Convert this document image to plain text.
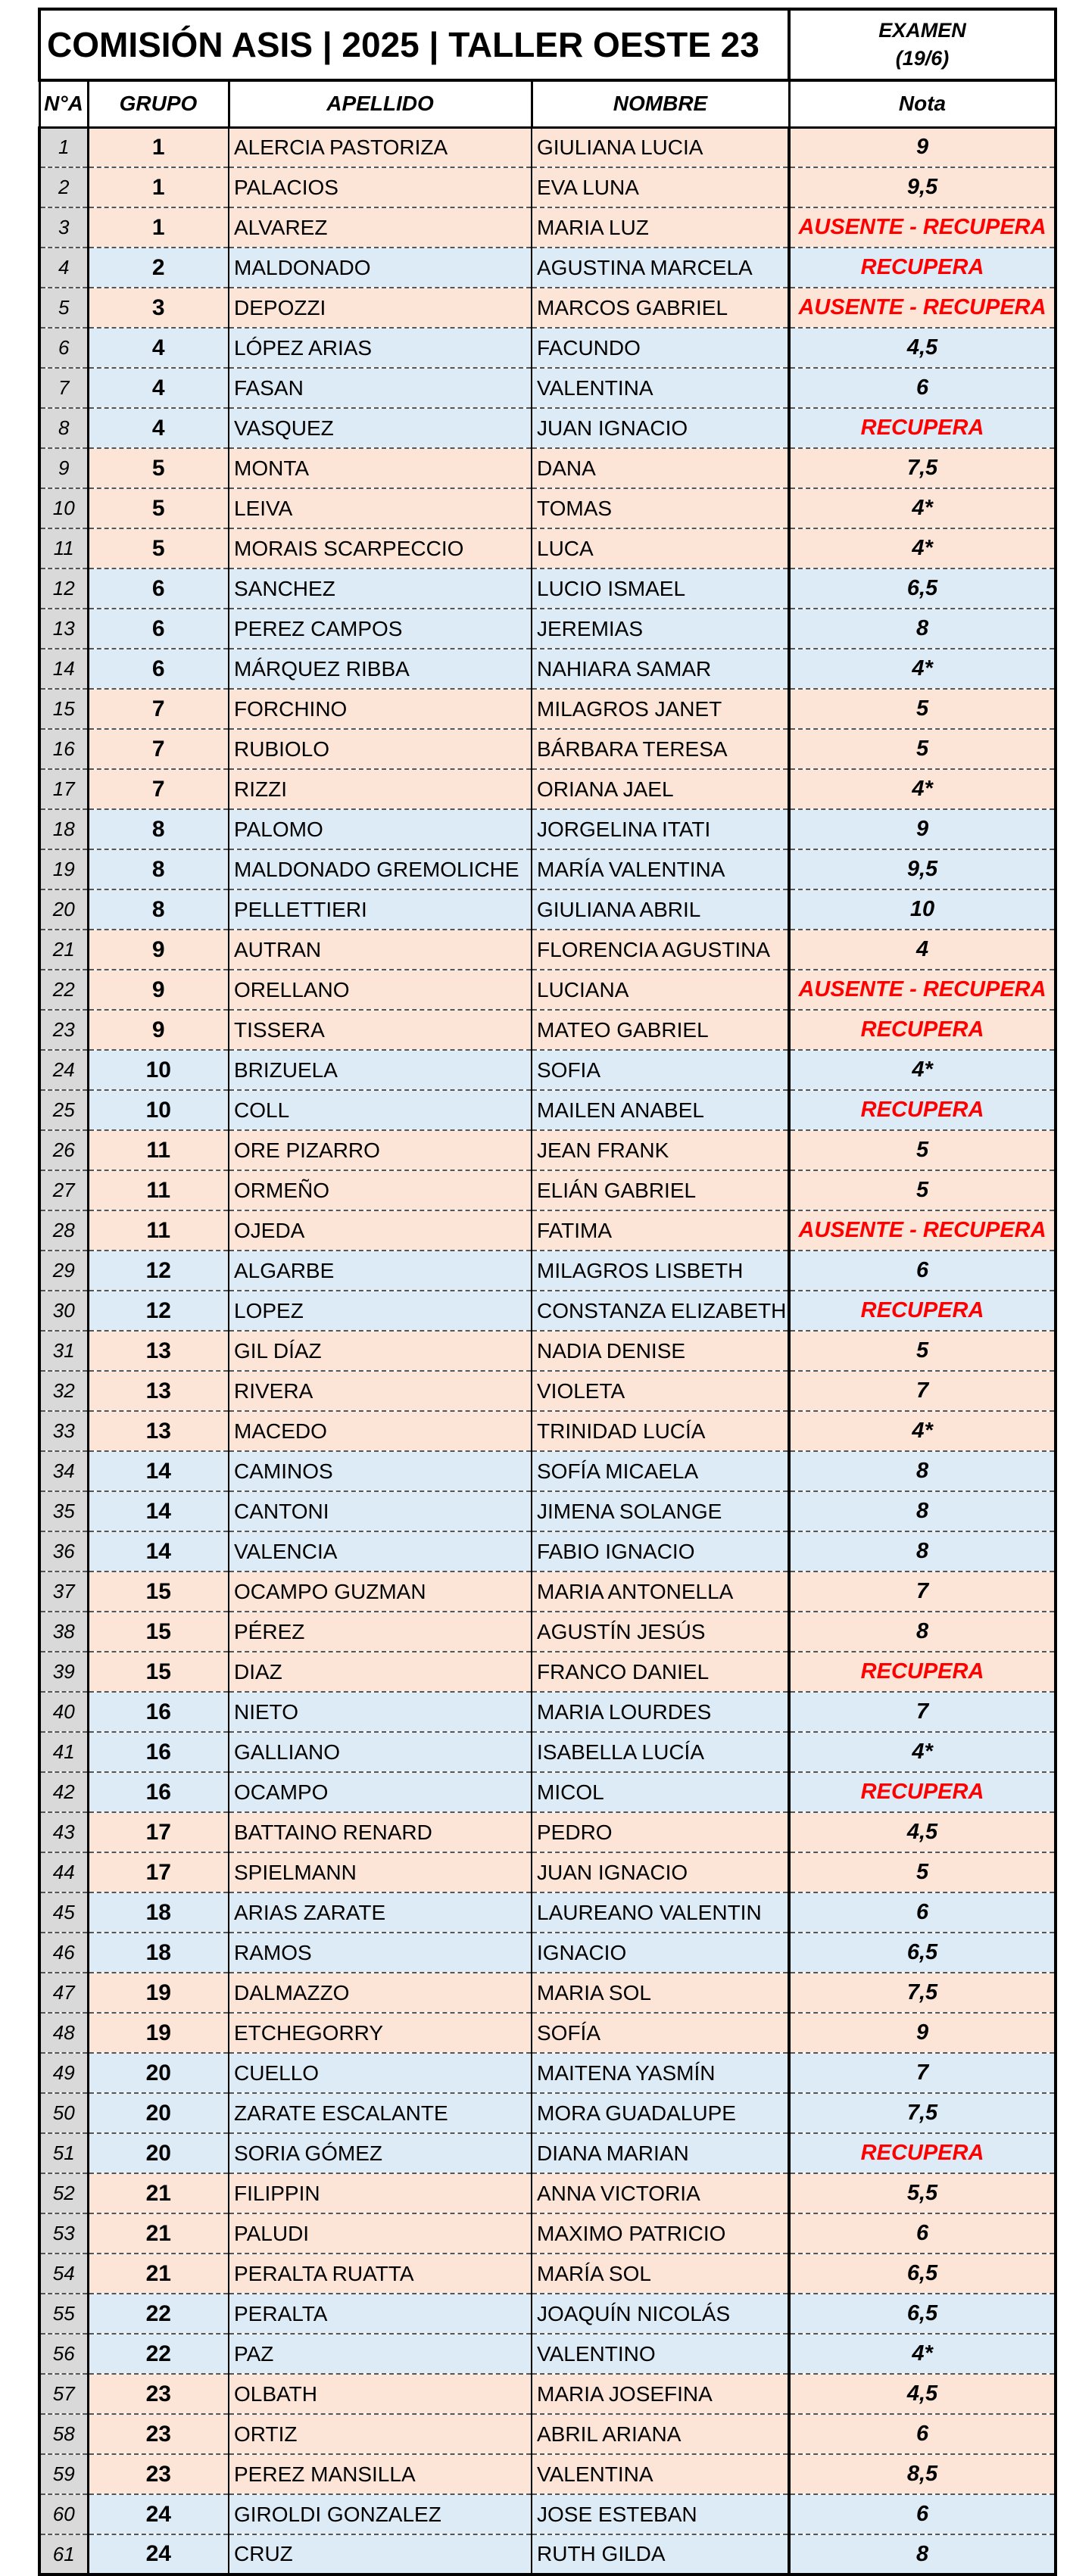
COMISIÓN ASIS | 2025 | TALLER OESTE 23				EXAMEN
(19/6)

N°A	GRUPO	APELLIDO	NOMBRE	Nota
1	1	ALERCIA PASTORIZA	GIULIANA LUCIA	9
2	1	PALACIOS	EVA LUNA	9,5
3	1	ALVAREZ	MARIA LUZ	AUSENTE - RECUPERA
4	2	MALDONADO	AGUSTINA MARCELA	RECUPERA
5	3	DEPOZZI	MARCOS GABRIEL	AUSENTE - RECUPERA
6	4	LÓPEZ ARIAS	FACUNDO	4,5
7	4	FASAN	VALENTINA	6
8	4	VASQUEZ	JUAN IGNACIO	RECUPERA
9	5	MONTA	DANA	7,5
10	5	LEIVA	TOMAS	4*
11	5	MORAIS SCARPECCIO	LUCA	4*
12	6	SANCHEZ	LUCIO ISMAEL	6,5
13	6	PEREZ CAMPOS	JEREMIAS	8
14	6	MÁRQUEZ RIBBA	NAHIARA SAMAR	4*
15	7	FORCHINO	MILAGROS JANET	5
16	7	RUBIOLO	BÁRBARA TERESA	5
17	7	RIZZI	ORIANA JAEL	4*
18	8	PALOMO	JORGELINA ITATI	9
19	8	MALDONADO GREMOLICHE	MARÍA VALENTINA	9,5
20	8	PELLETTIERI	GIULIANA ABRIL	10
21	9	AUTRAN	FLORENCIA AGUSTINA	4
22	9	ORELLANO	LUCIANA	AUSENTE - RECUPERA
23	9	TISSERA	MATEO GABRIEL	RECUPERA
24	10	BRIZUELA	SOFIA	4*
25	10	COLL	MAILEN ANABEL	RECUPERA
26	11	ORE PIZARRO	JEAN FRANK	5
27	11	ORMEÑO	ELIÁN GABRIEL	5
28	11	OJEDA	FATIMA	AUSENTE - RECUPERA
29	12	ALGARBE	MILAGROS LISBETH	6
30	12	LOPEZ	CONSTANZA ELIZABETH	RECUPERA
31	13	GIL DÍAZ	NADIA DENISE	5
32	13	RIVERA	VIOLETA	7
33	13	MACEDO	TRINIDAD LUCÍA	4*
34	14	CAMINOS	SOFÍA MICAELA	8
35	14	CANTONI	JIMENA SOLANGE	8
36	14	VALENCIA	FABIO IGNACIO	8
37	15	OCAMPO GUZMAN	MARIA ANTONELLA	7
38	15	PÉREZ	AGUSTÍN JESÚS	8
39	15	DIAZ	FRANCO DANIEL	RECUPERA
40	16	NIETO	MARIA LOURDES	7
41	16	GALLIANO	ISABELLA LUCÍA	4*
42	16	OCAMPO	MICOL	RECUPERA
43	17	BATTAINO RENARD	PEDRO	4,5
44	17	SPIELMANN	JUAN IGNACIO	5
45	18	ARIAS ZARATE	LAUREANO VALENTIN	6
46	18	RAMOS	IGNACIO	6,5
47	19	DALMAZZO	MARIA SOL	7,5
48	19	ETCHEGORRY	SOFÍA	9
49	20	CUELLO	MAITENA YASMÍN	7
50	20	ZARATE ESCALANTE	MORA GUADALUPE	7,5
51	20	SORIA GÓMEZ	DIANA MARIAN	RECUPERA
52	21	FILIPPIN	ANNA VICTORIA	5,5
53	21	PALUDI	MAXIMO PATRICIO	6
54	21	PERALTA RUATTA	MARÍA SOL	6,5
55	22	PERALTA	JOAQUÍN NICOLÁS	6,5
56	22	PAZ	VALENTINO	4*
57	23	OLBATH	MARIA JOSEFINA	4,5
58	23	ORTIZ	ABRIL ARIANA	6
59	23	PEREZ MANSILLA	VALENTINA	8,5
60	24	GIROLDI GONZALEZ	JOSE ESTEBAN	6
61	24	CRUZ	RUTH GILDA	8
